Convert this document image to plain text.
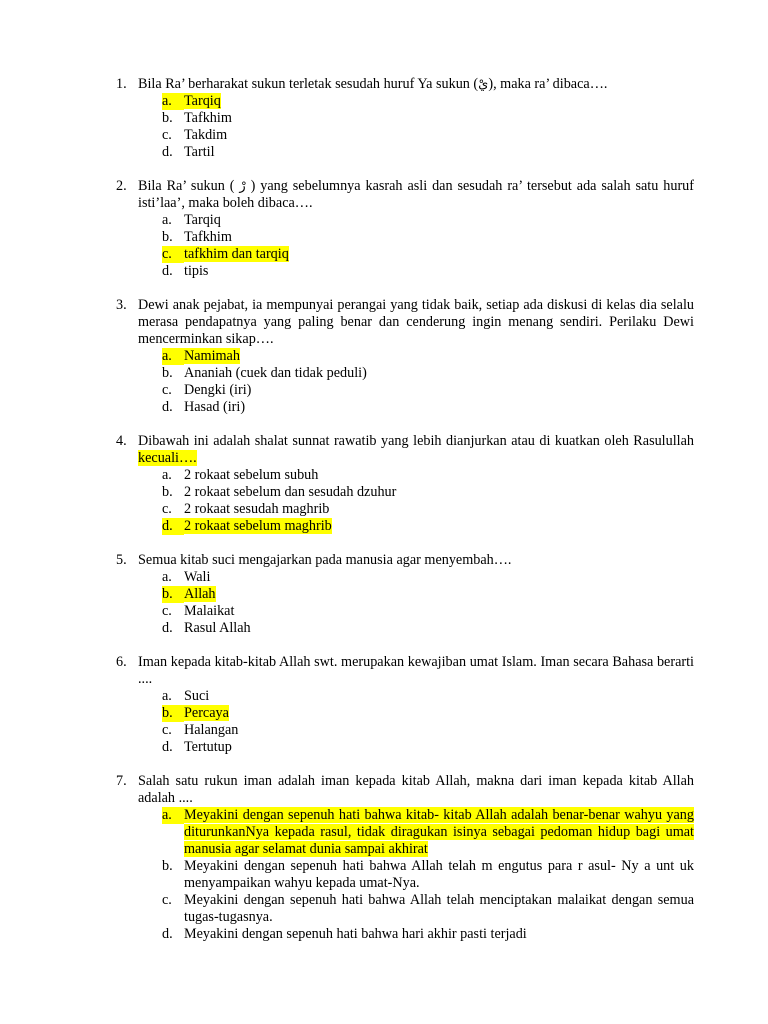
1. Bila Ra’ berharakat sukun terletak sesudah huruf Ya sukun (يْ), maka ra’ dibaca….
a. Tarqiq
b. Tafkhim
c. Takdim
d. Tartil
2. Bila Ra’ sukun ( رْ ) yang sebelumnya kasrah asli dan sesudah ra’ tersebut ada salah satu huruf isti’laa’, maka boleh dibaca….
a. Tarqiq
b. Tafkhim
c. tafkhim dan tarqiq
d. tipis
3. Dewi anak pejabat, ia mempunyai perangai yang tidak baik, setiap ada diskusi di kelas dia selalu merasa pendapatnya yang paling benar dan cenderung ingin menang sendiri. Perilaku Dewi mencerminkan sikap….
a. Namimah
b. Ananiah (cuek dan tidak peduli)
c. Dengki (iri)
d. Hasad (iri)
4. Dibawah ini adalah shalat sunnat rawatib yang lebih dianjurkan atau di kuatkan oleh Rasulullah kecuali….
a. 2 rokaat sebelum subuh
b. 2 rokaat sebelum dan sesudah dzuhur
c. 2 rokaat sesudah maghrib
d. 2 rokaat sebelum maghrib
5. Semua kitab suci mengajarkan pada manusia agar menyembah….
a. Wali
b. Allah
c. Malaikat
d. Rasul Allah
6. Iman kepada kitab-kitab Allah swt. merupakan kewajiban umat Islam. Iman secara Bahasa berarti ....
a. Suci
b. Percaya
c. Halangan
d. Tertutup
7. Salah satu rukun iman adalah iman kepada kitab Allah, makna dari iman kepada kitab Allah adalah ....
a. Meyakini dengan sepenuh hati bahwa kitab- kitab Allah adalah benar-benar wahyu yang diturunkanNya kepada rasul, tidak diragukan isinya sebagai pedoman hidup bagi umat manusia agar selamat dunia sampai akhirat
b. Meyakini dengan sepenuh hati bahwa Allah telah m engutus para r asul- Ny a unt uk menyampaikan wahyu kepada umat-Nya.
c. Meyakini dengan sepenuh hati bahwa Allah telah menciptakan malaikat dengan semua tugas-tugasnya.
d. Meyakini dengan sepenuh hati bahwa hari akhir pasti terjadi
